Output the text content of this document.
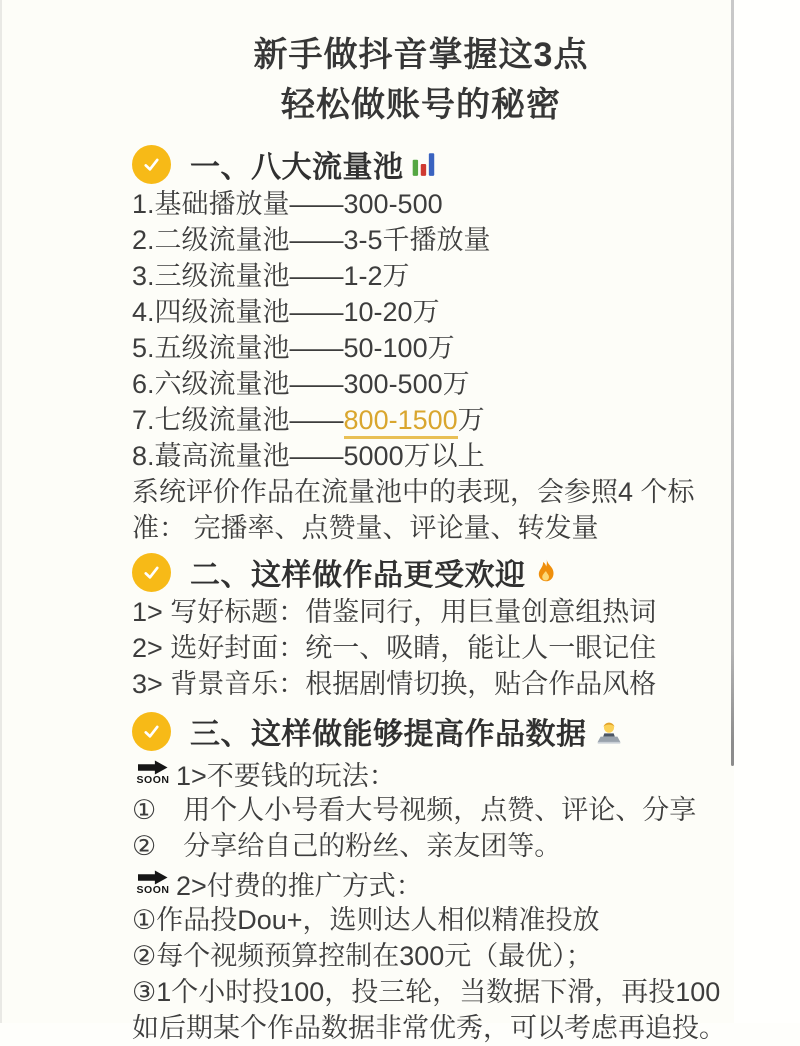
新手做抖音掌握这3点
轻松做账号的秘密
一、八大流量池
1.基础播放量——300-500
2.二级流量池——3-5千播放量
3.三级流量池——1-2万
4.四级流量池——10-20万
5.五级流量池——50-100万
6.六级流量池——300-500万
7.七级流量池——800-1500万
8.蕞高流量池——5000万以上
系统评价作品在流量池中的表现，会参照4 个标
准： 完播率、点赞量、评论量、转发量
二、这样做作品更受欢迎
1> 写好标题：借鉴同行，用巨量创意组热词
2> 选好封面：统一、吸睛，能让人一眼记住
3> 背景音乐：根据剧情切换，贴合作品风格
三、这样做能够提高作品数据
SOON 1>不要钱的玩法：
①　用个人小号看大号视频，点赞、评论、分享
②　分享给自己的粉丝、亲友团等。
SOON 2>付费的推广方式：
①作品投Dou+，选则达人相似精准投放
②每个视频预算控制在300元（最优）；
③1个小时投100，投三轮，当数据下滑，再投100
如后期某个作品数据非常优秀，可以考虑再追投。
